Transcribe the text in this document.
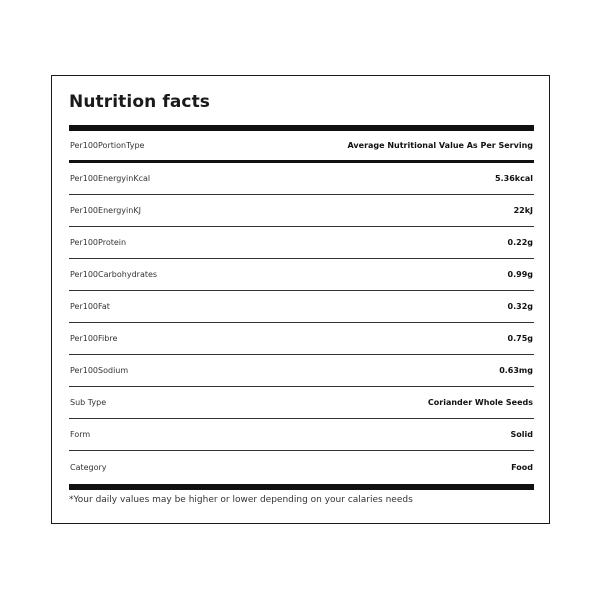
Nutrition facts
Per100PortionType	Average Nutritional Value As Per Serving
Per100EnergyinKcal	5.36kcal
Per100EnergyinKJ	22kJ
Per100Protein	0.22g
Per100Carbohydrates	0.99g
Per100Fat	0.32g
Per100Fibre	0.75g
Per100Sodium	0.63mg
Sub Type	Coriander Whole Seeds
Form	Solid
Category	Food

*Your daily values may be higher or lower depending on your calaries needs
